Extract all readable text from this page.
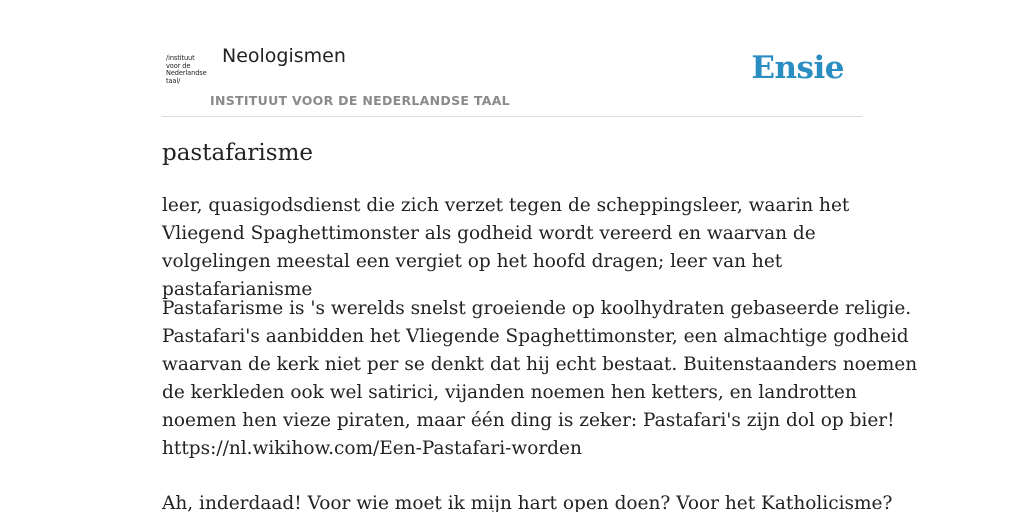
/instituut
voor de
Nederlandse
taal/
Neologismen
INSTITUUT VOOR DE NEDERLANDSE TAAL
Ensie
pastafarisme

leer, quasigodsdienst die zich verzet tegen de scheppingsleer, waarin het Vliegend Spaghettimonster als godheid wordt vereerd en waarvan de volgelingen meestal een vergiet op het hoofd dragen; leer van het pastafarianisme

Pastafarisme is 's werelds snelst groeiende op koolhydraten gebaseerde religie.
Pastafari's aanbidden het Vliegende Spaghettimonster, een almachtige godheid
waarvan de kerk niet per se denkt dat hij echt bestaat. Buitenstaanders noemen
de kerkleden ook wel satirici, vijanden noemen hen ketters, en landrotten
noemen hen vieze piraten, maar één ding is zeker: Pastafari's zijn dol op bier!
https://nl.wikihow.com/Een-Pastafari-worden

Ah, inderdaad! Voor wie moet ik mijn hart open doen? Voor het Katholicisme?
